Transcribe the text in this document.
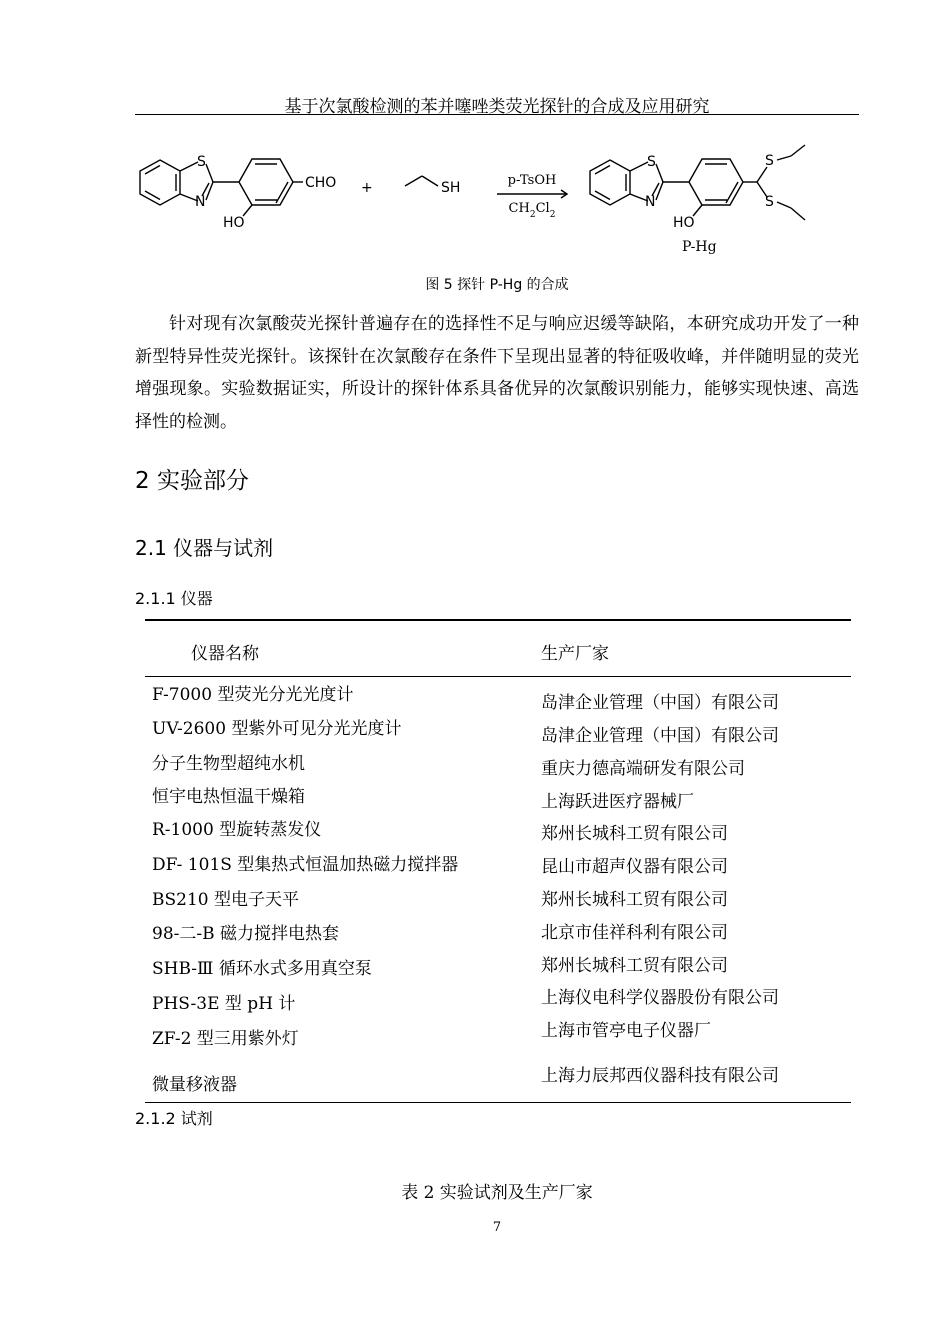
基于次氯酸检测的苯并噻唑类荧光探针的合成及应用研究
S
N
CHO
HO
+	SH
S
N
HO
S
S
p-TsOH
$CH_2Cl_2$
P-Hg
图 5 探针 P-Hg 的合成

针对现有次氯酸荧光探针普遍存在的选择性不足与响应迟缓等缺陷，本研究成功开发了一种新型特异性荧光探针。该探针在次氯酸存在条件下呈现出显著的特征吸收峰，并伴随明显的荧光增强现象。实验数据证实，所设计的探针体系具备优异的次氯酸识别能力，能够实现快速、高选择性的检测。

2 实验部分
2.1 仪器与试剂
2.1.1 仪器
仪器名称	生产厂家
F-7000 型荧光分光光度计	岛津企业管理（中国）有限公司
UV-2600 型紫外可见分光光度计	岛津企业管理（中国）有限公司
分子生物型超纯水机	重庆力德高端研发有限公司
恒宇电热恒温干燥箱	上海跃进医疗器械厂
R-1000 型旋转蒸发仪	郑州长城科工贸有限公司
DF- 101S 型集热式恒温加热磁力搅拌器	昆山市超声仪器有限公司
BS210 型电子天平	郑州长城科工贸有限公司
98-二-B 磁力搅拌电热套	北京市佳祥科利有限公司
SHB-Ⅲ 循环水式多用真空泵	郑州长城科工贸有限公司
PHS-3E 型 pH 计	上海仪电科学仪器股份有限公司
ZF-2 型三用紫外灯	上海市管亭电子仪器厂
微量移液器	上海力辰邦西仪器科技有限公司
2.1.2 试剂
表 2 实验试剂及生产厂家
7
